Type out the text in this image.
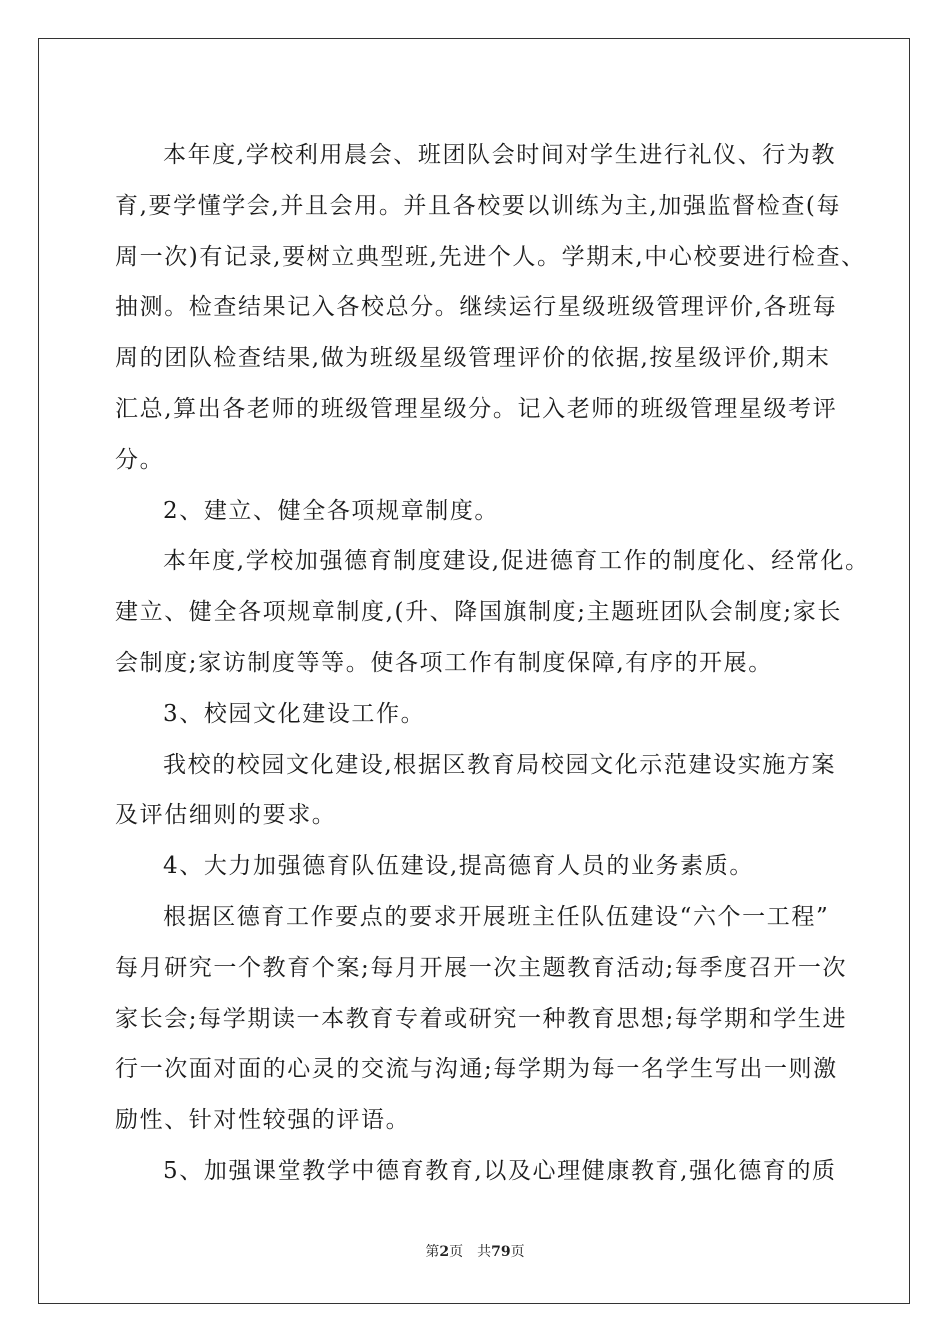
本年度,学校利用晨会、班团队会时间对学生进行礼仪、行为教
育,要学懂学会,并且会用。并且各校要以训练为主,加强监督检查(每
周一次)有记录,要树立典型班,先进个人。学期末,中心校要进行检查、
抽测。检查结果记入各校总分。继续运行星级班级管理评价,各班每
周的团队检查结果,做为班级星级管理评价的依据,按星级评价,期末
汇总,算出各老师的班级管理星级分。记入老师的班级管理星级考评
分。
2、建立、健全各项规章制度。
本年度,学校加强德育制度建设,促进德育工作的制度化、经常化。
建立、健全各项规章制度,(升、降国旗制度;主题班团队会制度;家长
会制度;家访制度等等。使各项工作有制度保障,有序的开展。
3、校园文化建设工作。
我校的校园文化建设,根据区教育局校园文化示范建设实施方案
及评估细则的要求。
4、大力加强德育队伍建设,提高德育人员的业务素质。
根据区德育工作要点的要求开展班主任队伍建设“六个一工程”
每月研究一个教育个案;每月开展一次主题教育活动;每季度召开一次
家长会;每学期读一本教育专着或研究一种教育思想;每学期和学生进
行一次面对面的心灵的交流与沟通;每学期为每一名学生写出一则激
励性、针对性较强的评语。
5、加强课堂教学中德育教育,以及心理健康教育,强化德育的质
第2页 共79页
